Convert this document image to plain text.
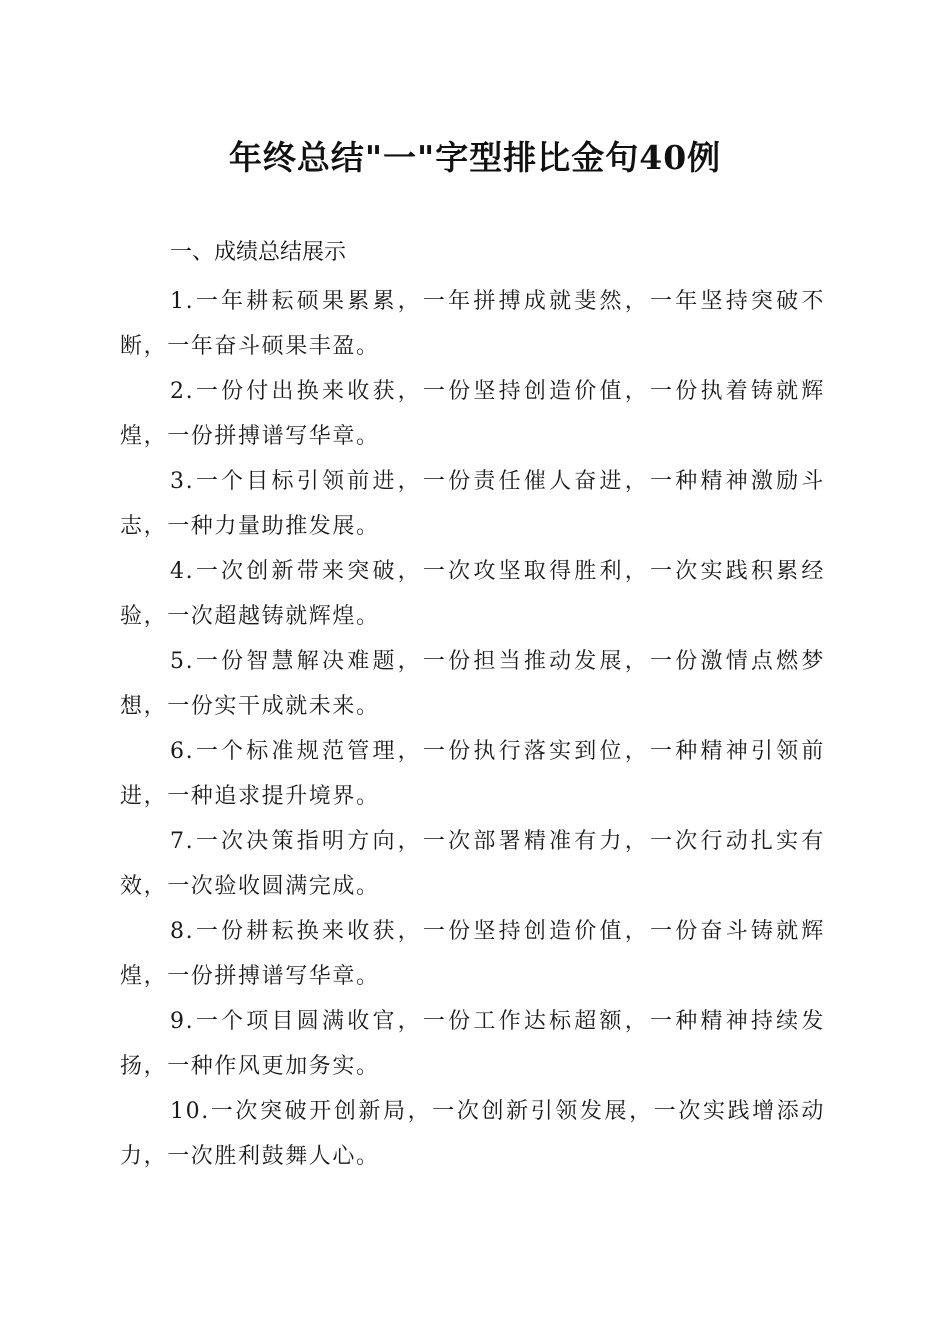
年终总结"一"字型排比金句40例
一、成绩总结展示
1.一年耕耘硕果累累，一年拼搏成就斐然，一年坚持突破不断，一年奋斗硕果丰盈。
2.一份付出换来收获，一份坚持创造价值，一份执着铸就辉煌，一份拼搏谱写华章。
3.一个目标引领前进，一份责任催人奋进，一种精神激励斗志，一种力量助推发展。
4.一次创新带来突破，一次攻坚取得胜利，一次实践积累经验，一次超越铸就辉煌。
5.一份智慧解决难题，一份担当推动发展，一份激情点燃梦想，一份实干成就未来。
6.一个标准规范管理，一份执行落实到位，一种精神引领前进，一种追求提升境界。
7.一次决策指明方向，一次部署精准有力，一次行动扎实有效，一次验收圆满完成。
8.一份耕耘换来收获，一份坚持创造价值，一份奋斗铸就辉煌，一份拼搏谱写华章。
9.一个项目圆满收官，一份工作达标超额，一种精神持续发扬，一种作风更加务实。
10.一次突破开创新局，一次创新引领发展，一次实践增添动力，一次胜利鼓舞人心。
